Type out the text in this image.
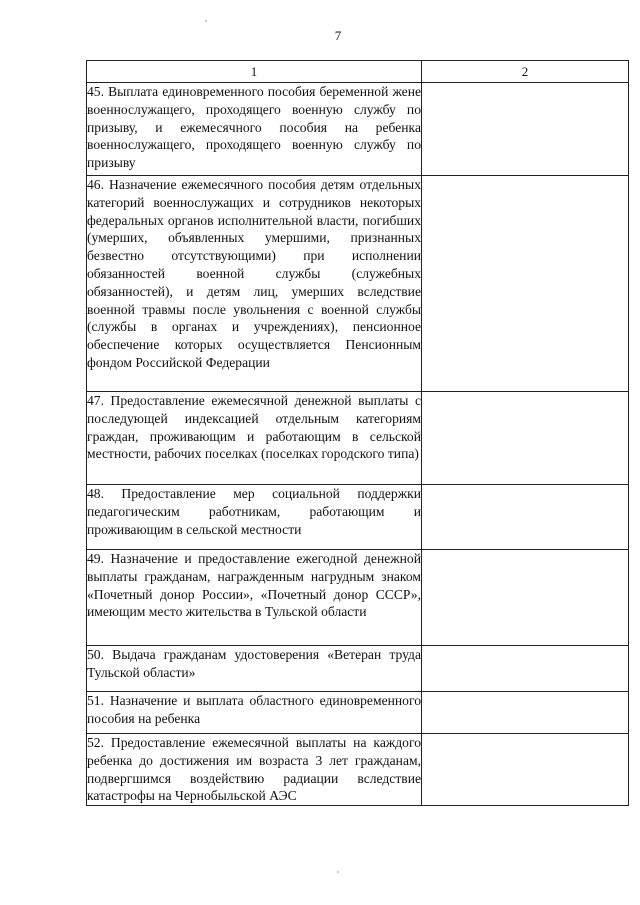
7
1	2
45. Выплата единовременного пособия беременной жене военнослужащего, проходящего военную службу по призыву, и ежемесячного пособия на ребенка военнослужащего, проходящего военную службу по призыву	
46. Назначение ежемесячного пособия детям отдельных категорий военнослужащих и сотрудников некоторых федеральных органов исполнительной власти, погибших (умерших, объявленных умершими, признанных безвестно отсутствующими) при исполнении обязанностей военной службы (служебных обязанностей), и детям лиц, умерших вследствие военной травмы после увольнения с военной службы (службы в органах и учреждениях), пенсионное обеспечение которых осуществляется Пенсионным фондом Российской Федерации	
47. Предоставление ежемесячной денежной выплаты с последующей индексацией отдельным категориям граждан, проживающим и работающим в сельской местности, рабочих поселках (поселках городского типа)	
48. Предоставление мер социальной поддержки педагогическим работникам, работающим и проживающим в сельской местности	
49. Назначение и предоставление ежегодной денежной выплаты гражданам, награжденным нагрудным знаком «Почетный донор России», «Почетный донор СССР», имеющим место жительства в Тульской области	
50. Выдача гражданам удостоверения «Ветеран труда Тульской области»	
51. Назначение и выплата областного единовременного пособия на ребенка	
52. Предоставление ежемесячной выплаты на каждого ребенка до достижения им возраста 3 лет гражданам, подвергшимся воздействию радиации вследствие катастрофы на Чернобыльской АЭС	
